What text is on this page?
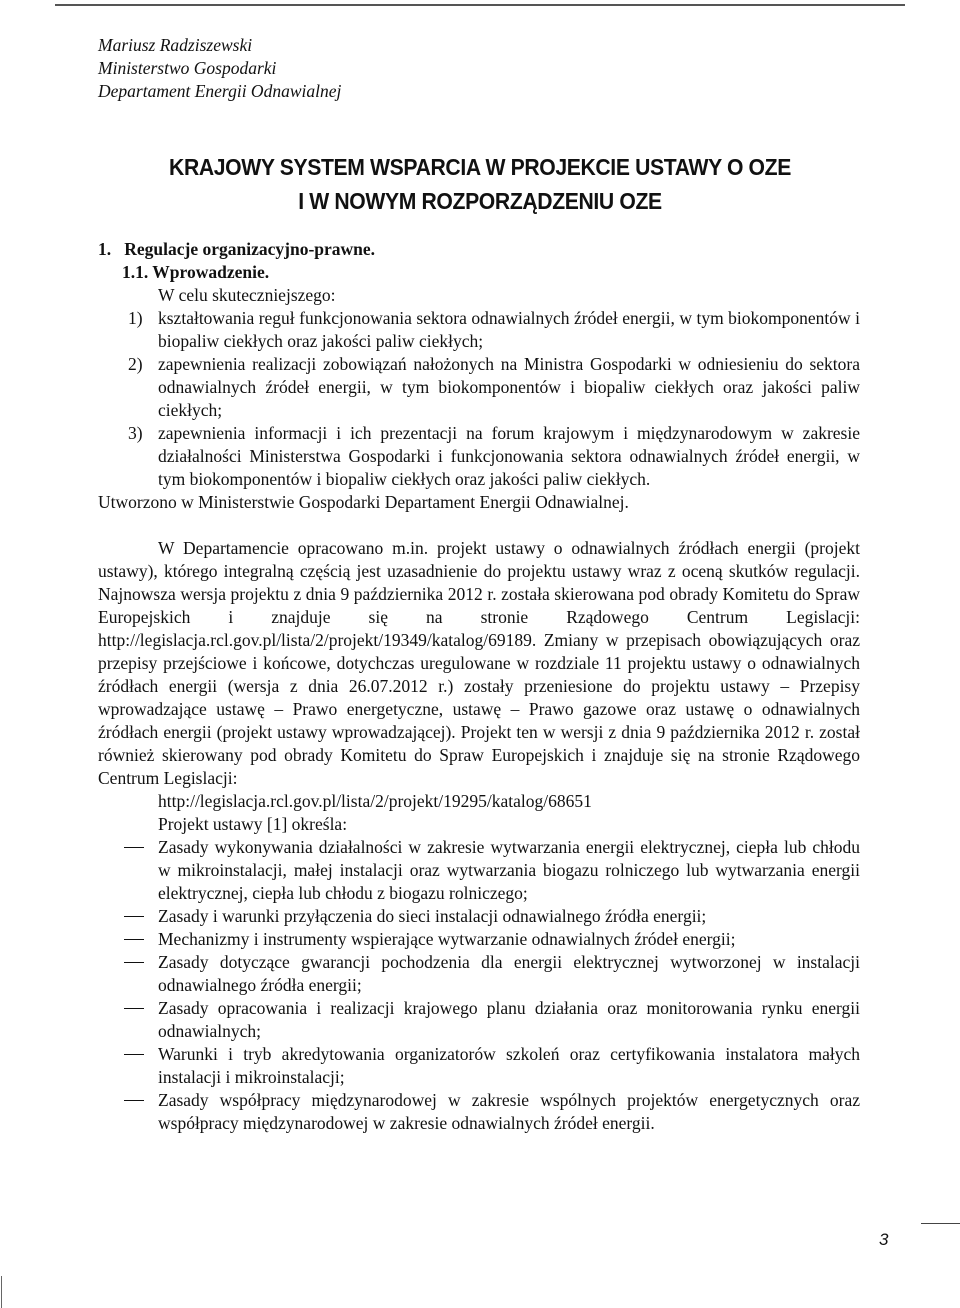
Mariusz Radziszewski
Ministerstwo Gospodarki
Departament Energii Odnawialnej
KRAJOWY SYSTEM WSPARCIA W PROJEKCIE USTAWY O OZE
I W NOWYM ROZPORZĄDZENIU OZE
1.   Regulacje organizacyjno-prawne.
1.1. Wprowadzenie.

W celu skuteczniejszego:

1) kształtowania reguł funkcjonowania sektora odnawialnych źródeł energii, w tym biokomponentów i biopaliw ciekłych oraz jakości paliw ciekłych;
2) zapewnienia realizacji zobowiązań nałożonych na Ministra Gospodarki w odniesieniu do sektora odnawialnych źródeł energii, w tym biokomponentów i biopaliw ciekłych oraz jakości paliw ciekłych;
3) zapewnienia informacji i ich prezentacji na forum krajowym i międzynarodowym w zakresie działalności Ministerstwa Gospodarki i funkcjonowania sektora odnawialnych źródeł energii, w tym biokomponentów i biopaliw ciekłych oraz jakości paliw ciekłych.

Utworzono w Ministerstwie Gospodarki Departament Energii Odnawialnej.

W Departamencie opracowano m.in. projekt ustawy o odnawialnych źródłach energii (projekt ustawy), którego integralną częścią jest uzasadnienie do projektu ustawy wraz z oceną skutków regulacji. Najnowsza wersja projektu z dnia 9 października 2012 r. została skierowana pod obrady Komitetu do Spraw Europejskich i znajduje się na stronie Rządowego Centrum Legislacji: http://legislacja.rcl.gov.pl/lista/2/projekt/19349/katalog/69189. Zmiany w przepisach obowiązujących oraz przepisy przejściowe i końcowe, dotychczas uregulowane w rozdziale 11 projektu ustawy o odnawialnych źródłach energii (wersja z dnia 26.07.2012 r.) zostały przeniesione do projektu ustawy – Przepisy wprowadzające ustawę – Prawo energetyczne, ustawę – Prawo gazowe oraz ustawę o odnawialnych źródłach energii (projekt ustawy wprowadzającej). Projekt ten w wersji z dnia 9 października 2012 r. został również skierowany pod obrady Komitetu do Spraw Europejskich i znajduje się na stronie Rządowego Centrum Legislacji:

http://legislacja.rcl.gov.pl/lista/2/projekt/19295/katalog/68651

Projekt ustawy [1] określa:

Zasady wykonywania działalności w zakresie wytwarzania energii elektrycznej, ciepła lub chłodu w mikroinstalacji, małej instalacji oraz wytwarzania biogazu rolniczego lub wytwarzania energii elektrycznej, ciepła lub chłodu z biogazu rolniczego;
Zasady i warunki przyłączenia do sieci instalacji odnawialnego źródła energii;
Mechanizmy i instrumenty wspierające wytwarzanie odnawialnych źródeł energii;
Zasady dotyczące gwarancji pochodzenia dla energii elektrycznej wytworzonej w instalacji odnawialnego źródła energii;
Zasady opracowania i realizacji krajowego planu działania oraz monitorowania rynku energii odnawialnych;
Warunki i tryb akredytowania organizatorów szkoleń oraz certyfikowania instalatora małych instalacji i mikroinstalacji;
Zasady współpracy międzynarodowej w zakresie wspólnych projektów energetycznych oraz współpracy międzynarodowej w zakresie odnawialnych źródeł energii.
3
